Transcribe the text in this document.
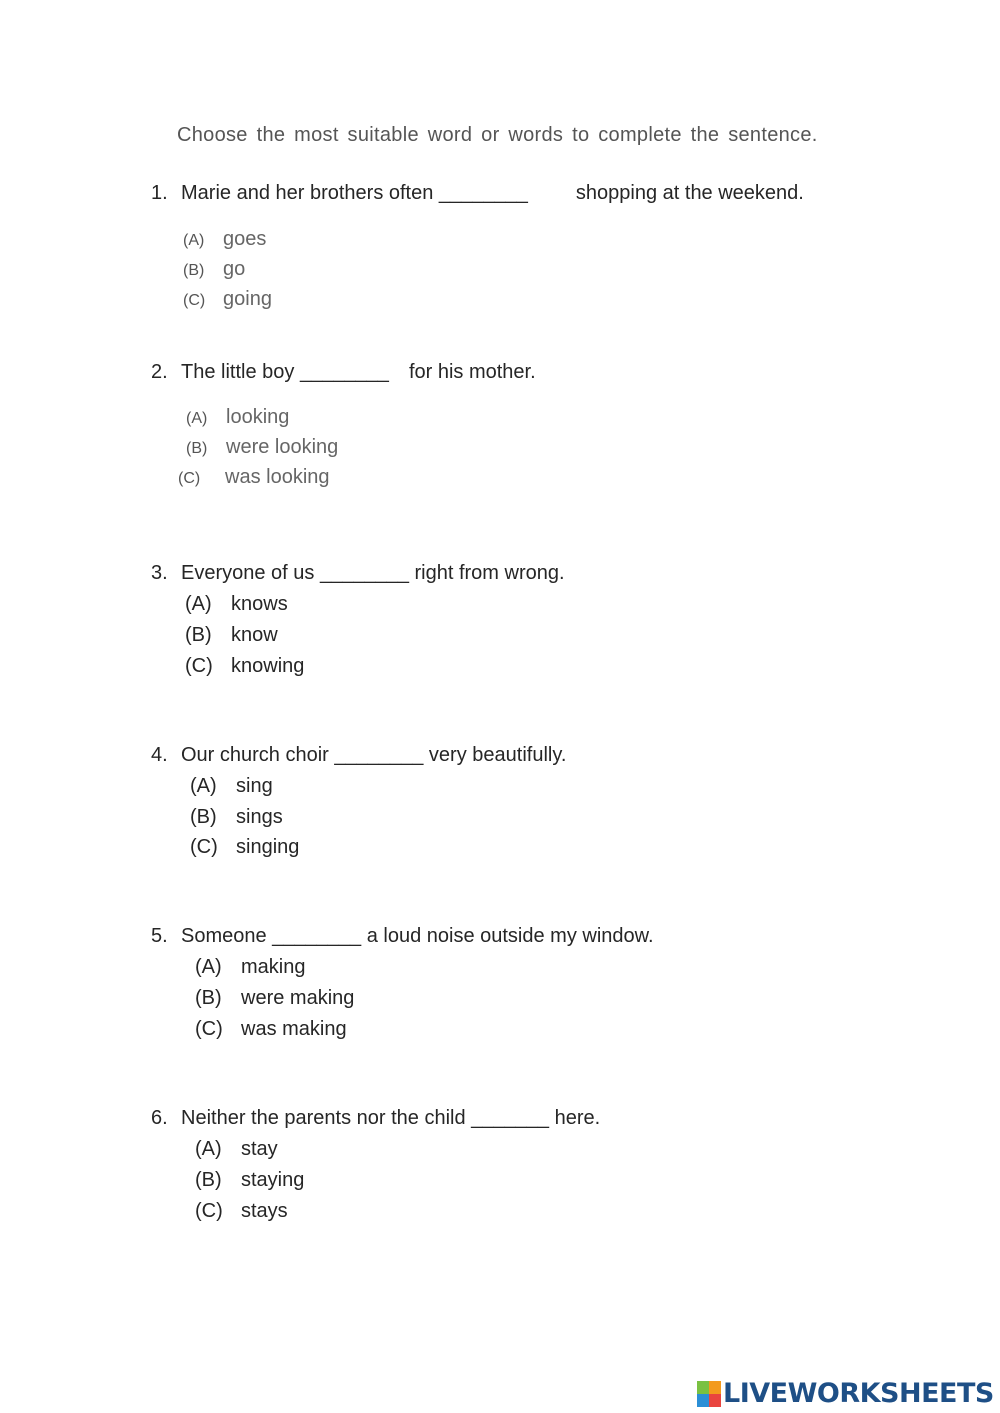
Choose the most suitable word or words to complete the sentence.
1. Marie and her brothers often ________ shopping at the weekend.
(A) goes
(B) go
(C) going
2. The little boy ________ for his mother.
(A) looking
(B) were looking
(C) was looking
3. Everyone of us ________ right from wrong.
(A) knows
(B) know
(C) knowing
4. Our church choir ________ very beautifully.
(A) sing
(B) sings
(C) singing
5. Someone ________ a loud noise outside my window.
(A) making
(B) were making
(C) was making
6. Neither the parents nor the child _______ here.
(A) stay
(B) staying
(C) stays
LIVEWORKSHEETS
